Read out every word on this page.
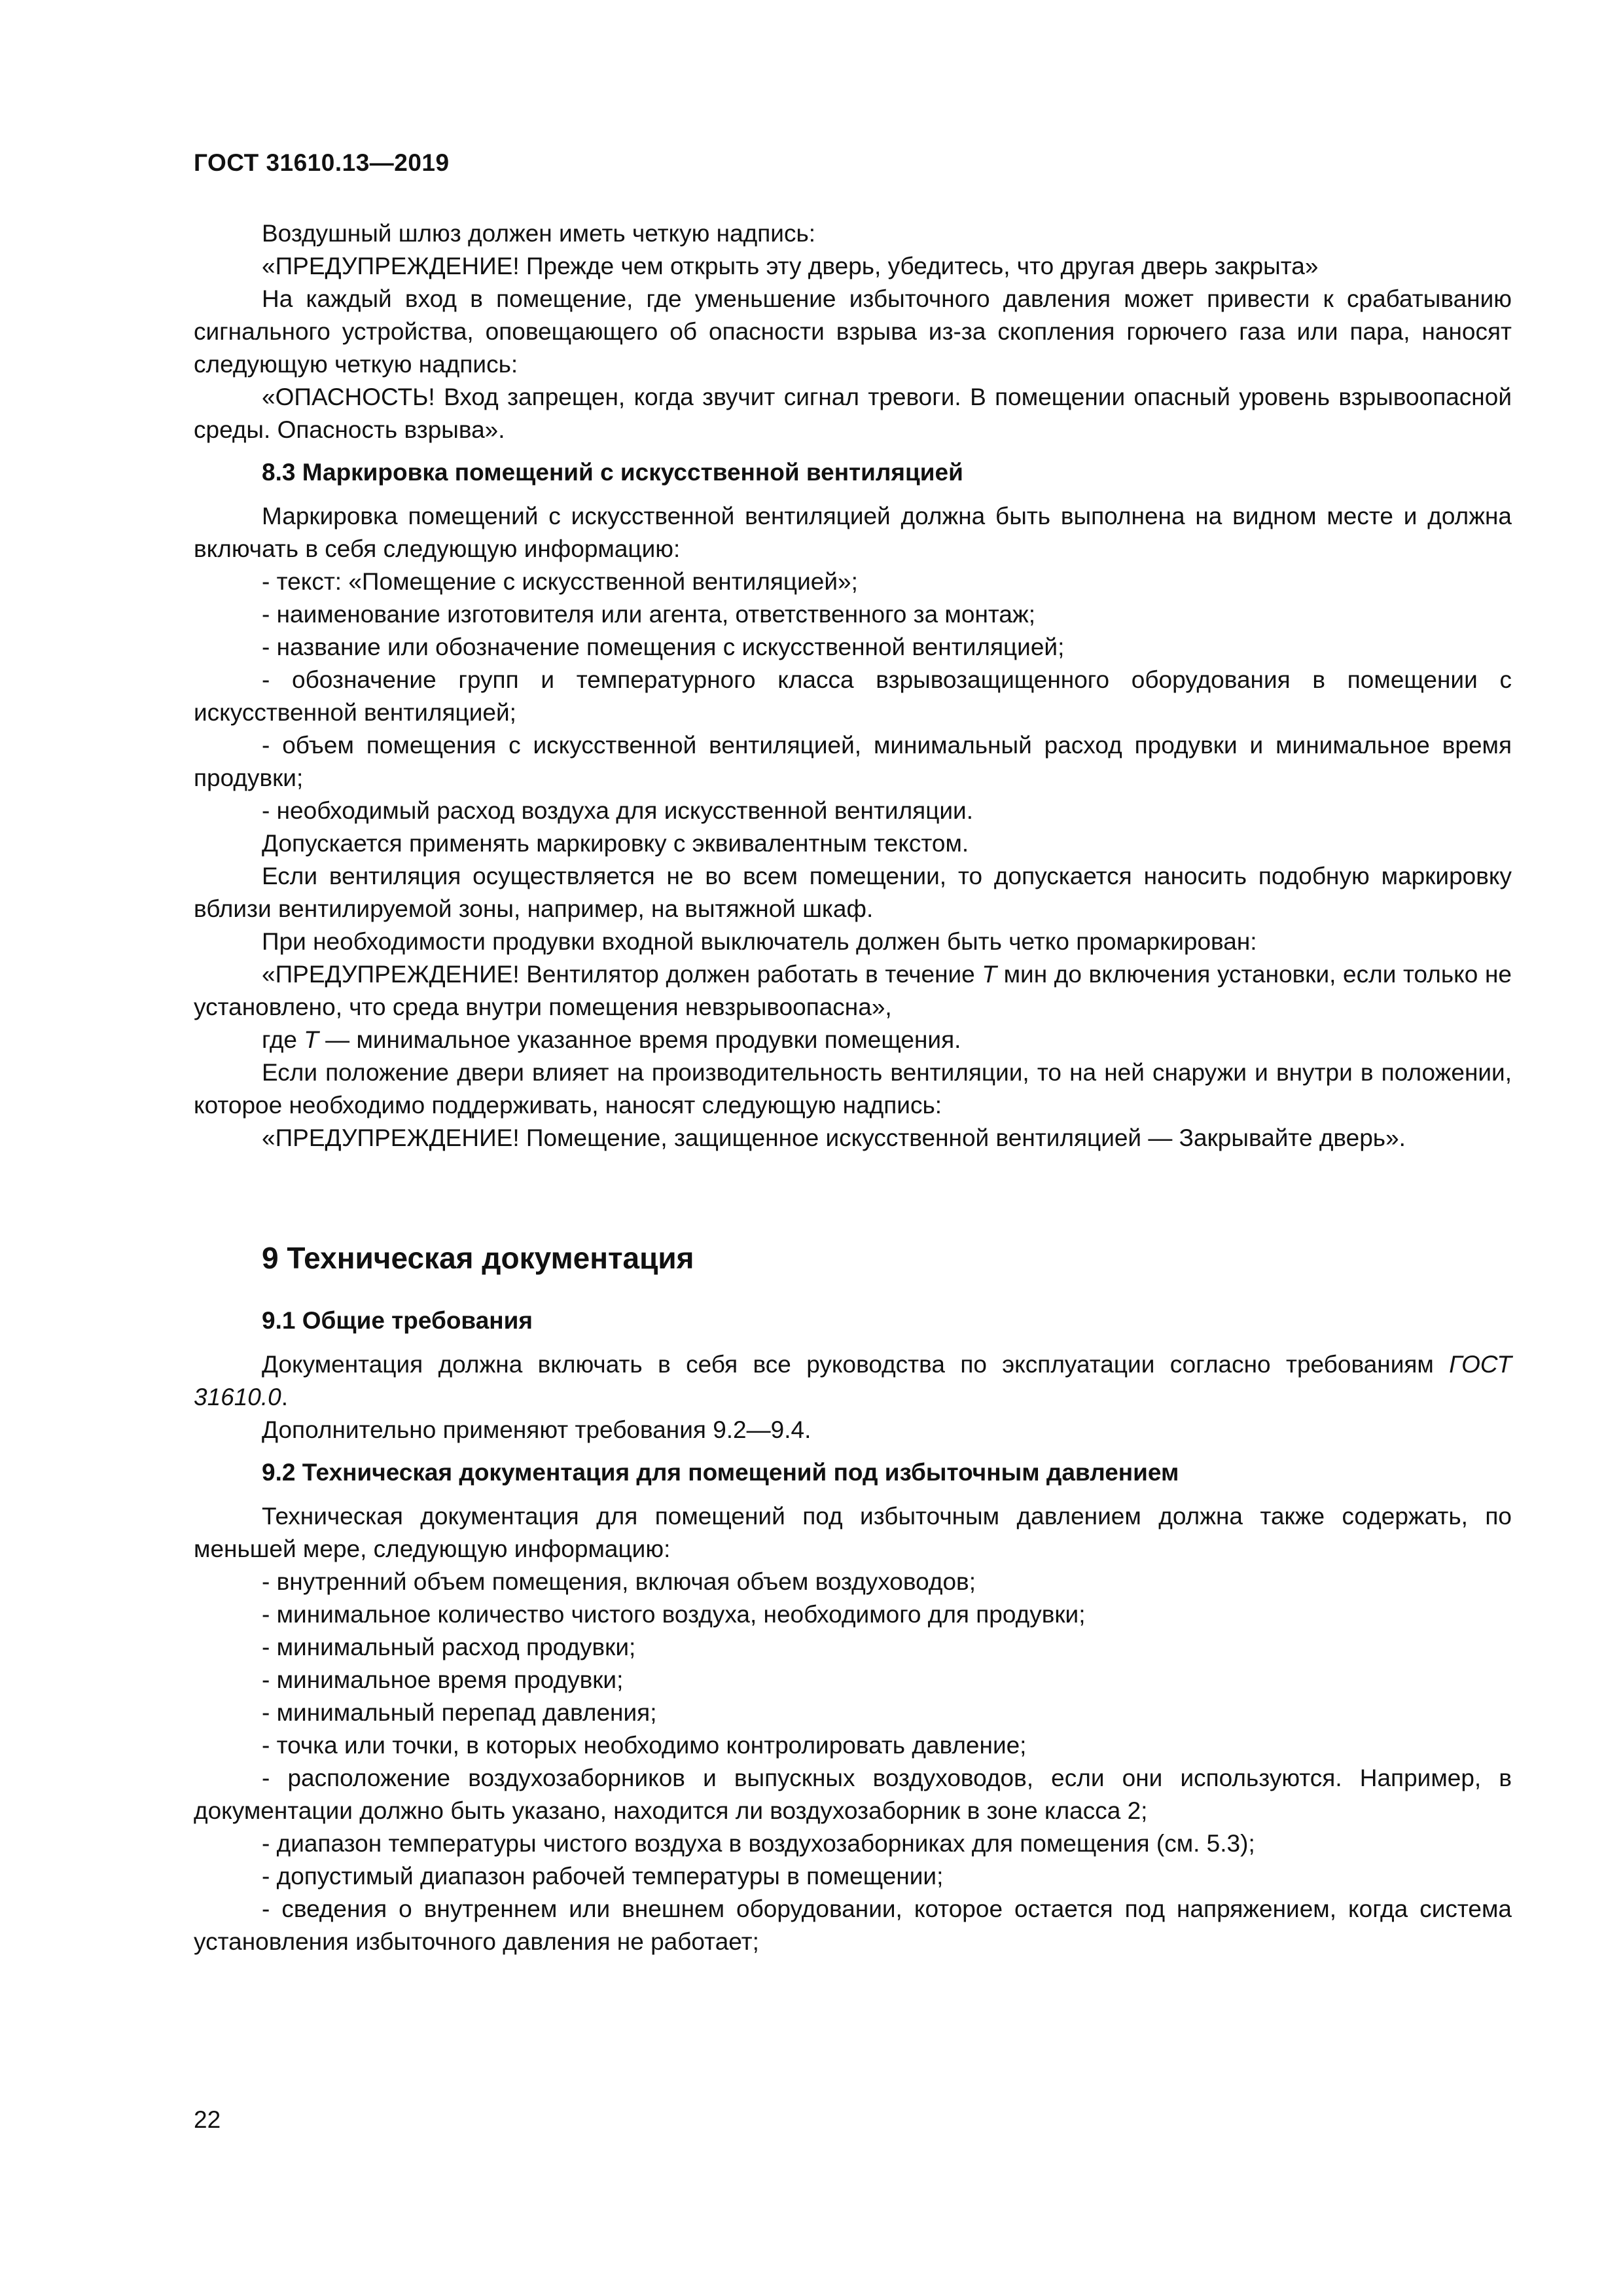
ГОСТ 31610.13—2019

Воздушный шлюз должен иметь четкую надпись:

«ПРЕДУПРЕЖДЕНИЕ! Прежде чем открыть эту дверь, убедитесь, что другая дверь закрыта»

На каждый вход в помещение, где уменьшение избыточного давления может привести к срабатыванию сигнального устройства, оповещающего об опасности взрыва из-за скопления горючего газа или пара, наносят следующую четкую надпись:

«ОПАСНОСТЬ! Вход запрещен, когда звучит сигнал тревоги. В помещении опасный уровень взрывоопасной среды. Опасность взрыва».

8.3 Маркировка помещений с искусственной вентиляцией

Маркировка помещений с искусственной вентиляцией должна быть выполнена на видном месте и должна включать в себя следующую информацию:

- текст: «Помещение с искусственной вентиляцией»;

- наименование изготовителя или агента, ответственного за монтаж;

- название или обозначение помещения с искусственной вентиляцией;

- обозначение групп и температурного класса взрывозащищенного оборудования в помещении с искусственной вентиляцией;

- объем помещения с искусственной вентиляцией, минимальный расход продувки и минимальное время продувки;

- необходимый расход воздуха для искусственной вентиляции.

Допускается применять маркировку с эквивалентным текстом.

Если вентиляция осуществляется не во всем помещении, то допускается наносить подобную маркировку вблизи вентилируемой зоны, например, на вытяжной шкаф.

При необходимости продувки входной выключатель должен быть четко промаркирован:

«ПРЕДУПРЕЖДЕНИЕ! Вентилятор должен работать в течение T мин до включения установки, если только не установлено, что среда внутри помещения невзрывоопасна»,

где T — минимальное указанное время продувки помещения.

Если положение двери влияет на производительность вентиляции, то на ней снаружи и внутри в положении, которое необходимо поддерживать, наносят следующую надпись:

«ПРЕДУПРЕЖДЕНИЕ! Помещение, защищенное искусственной вентиляцией — Закрывайте дверь».

9 Техническая документация

9.1 Общие требования

Документация должна включать в себя все руководства по эксплуатации согласно требованиям ГОСТ 31610.0.

Дополнительно применяют требования 9.2—9.4.

9.2 Техническая документация для помещений под избыточным давлением

Техническая документация для помещений под избыточным давлением должна также содержать, по меньшей мере, следующую информацию:

- внутренний объем помещения, включая объем воздуховодов;

- минимальное количество чистого воздуха, необходимого для продувки;

- минимальный расход продувки;

- минимальное время продувки;

- минимальный перепад давления;

- точка или точки, в которых необходимо контролировать давление;

- расположение воздухозаборников и выпускных воздуховодов, если они используются. Например, в документации должно быть указано, находится ли воздухозаборник в зоне класса 2;

- диапазон температуры чистого воздуха в воздухозаборниках для помещения (см. 5.3);

- допустимый диапазон рабочей температуры в помещении;

- сведения о внутреннем или внешнем оборудовании, которое остается под напряжением, когда система установления избыточного давления не работает;

22
